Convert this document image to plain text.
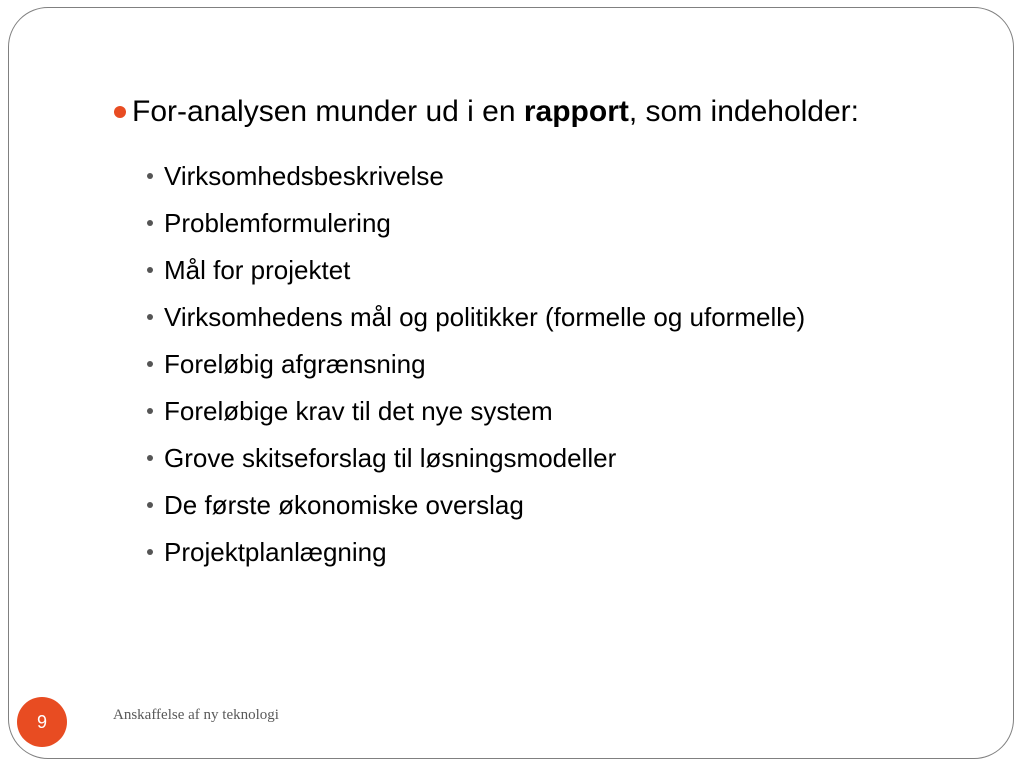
For-analysen munder ud i en rapport, som indeholder:
Virksomhedsbeskrivelse
Problemformulering
Mål for projektet
Virksomhedens mål og politikker (formelle og uformelle)
Foreløbig afgrænsning
Foreløbige krav til det nye system
Grove skitseforslag til løsningsmodeller
De første økonomiske overslag
Projektplanlægning
9	Anskaffelse af ny teknologi
